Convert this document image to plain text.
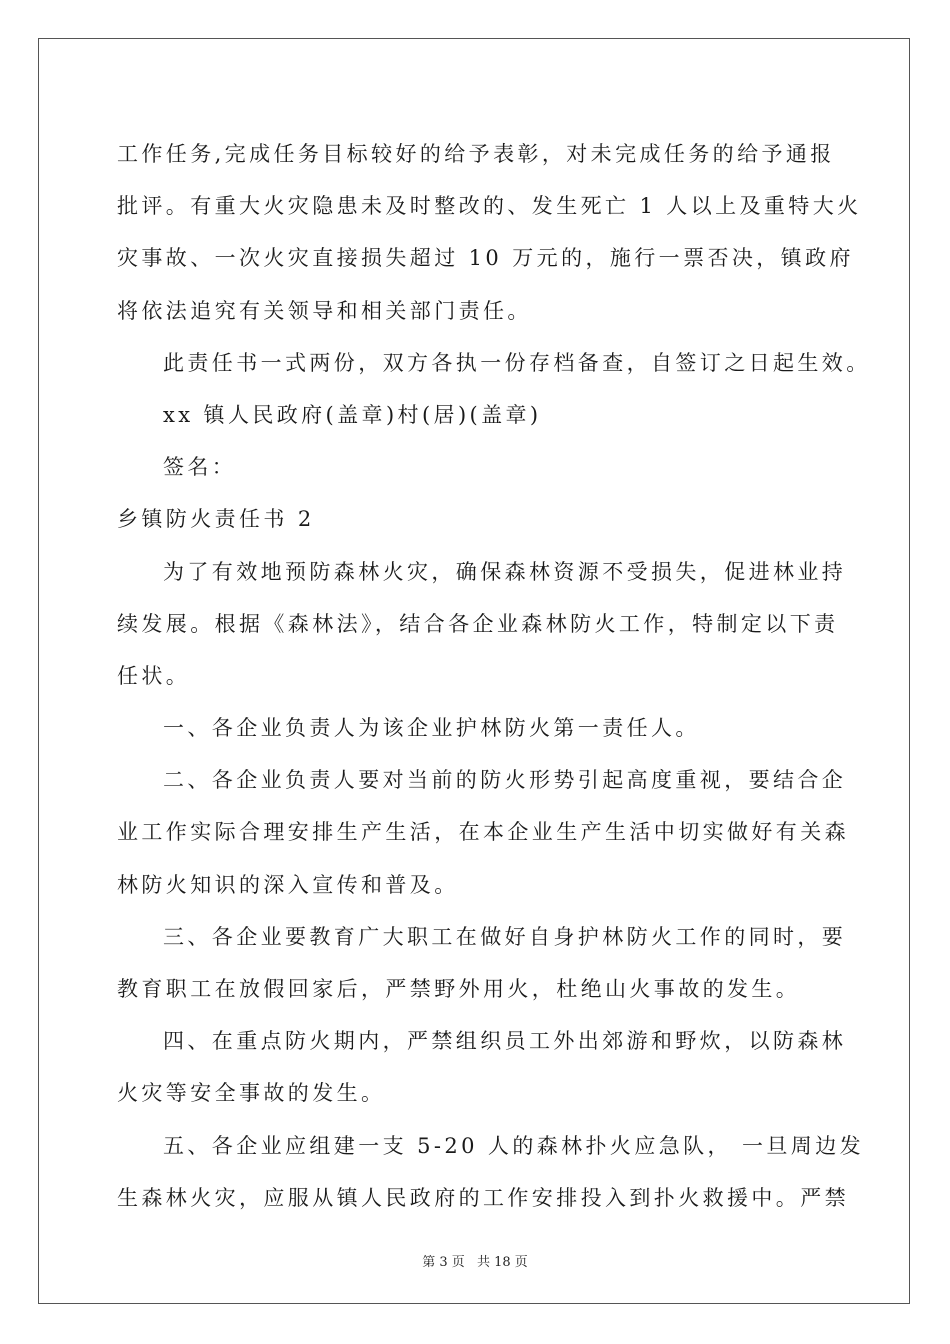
工作任务,完成任务目标较好的给予表彰，对未完成任务的给予通报
批评。有重大火灾隐患未及时整改的、发生死亡 1 人以上及重特大火
灾事故、一次火灾直接损失超过 10 万元的，施行一票否决，镇政府
将依法追究有关领导和相关部门责任。
此责任书一式两份，双方各执一份存档备查，自签订之日起生效。
xx 镇人民政府(盖章)村(居)(盖章)
签名：
乡镇防火责任书 2
为了有效地预防森林火灾，确保森林资源不受损失，促进林业持
续发展。根据《森林法》，结合各企业森林防火工作，特制定以下责
任状。
一、各企业负责人为该企业护林防火第一责任人。
二、各企业负责人要对当前的防火形势引起高度重视，要结合企
业工作实际合理安排生产生活，在本企业生产生活中切实做好有关森
林防火知识的深入宣传和普及。
三、各企业要教育广大职工在做好自身护林防火工作的同时，要
教育职工在放假回家后，严禁野外用火，杜绝山火事故的发生。
四、在重点防火期内，严禁组织员工外出郊游和野炊，以防森林
火灾等安全事故的发生。
五、各企业应组建一支 5-20 人的森林扑火应急队， 一旦周边发
生森林火灾，应服从镇人民政府的工作安排投入到扑火救援中。严禁
第 3 页 共 18 页
